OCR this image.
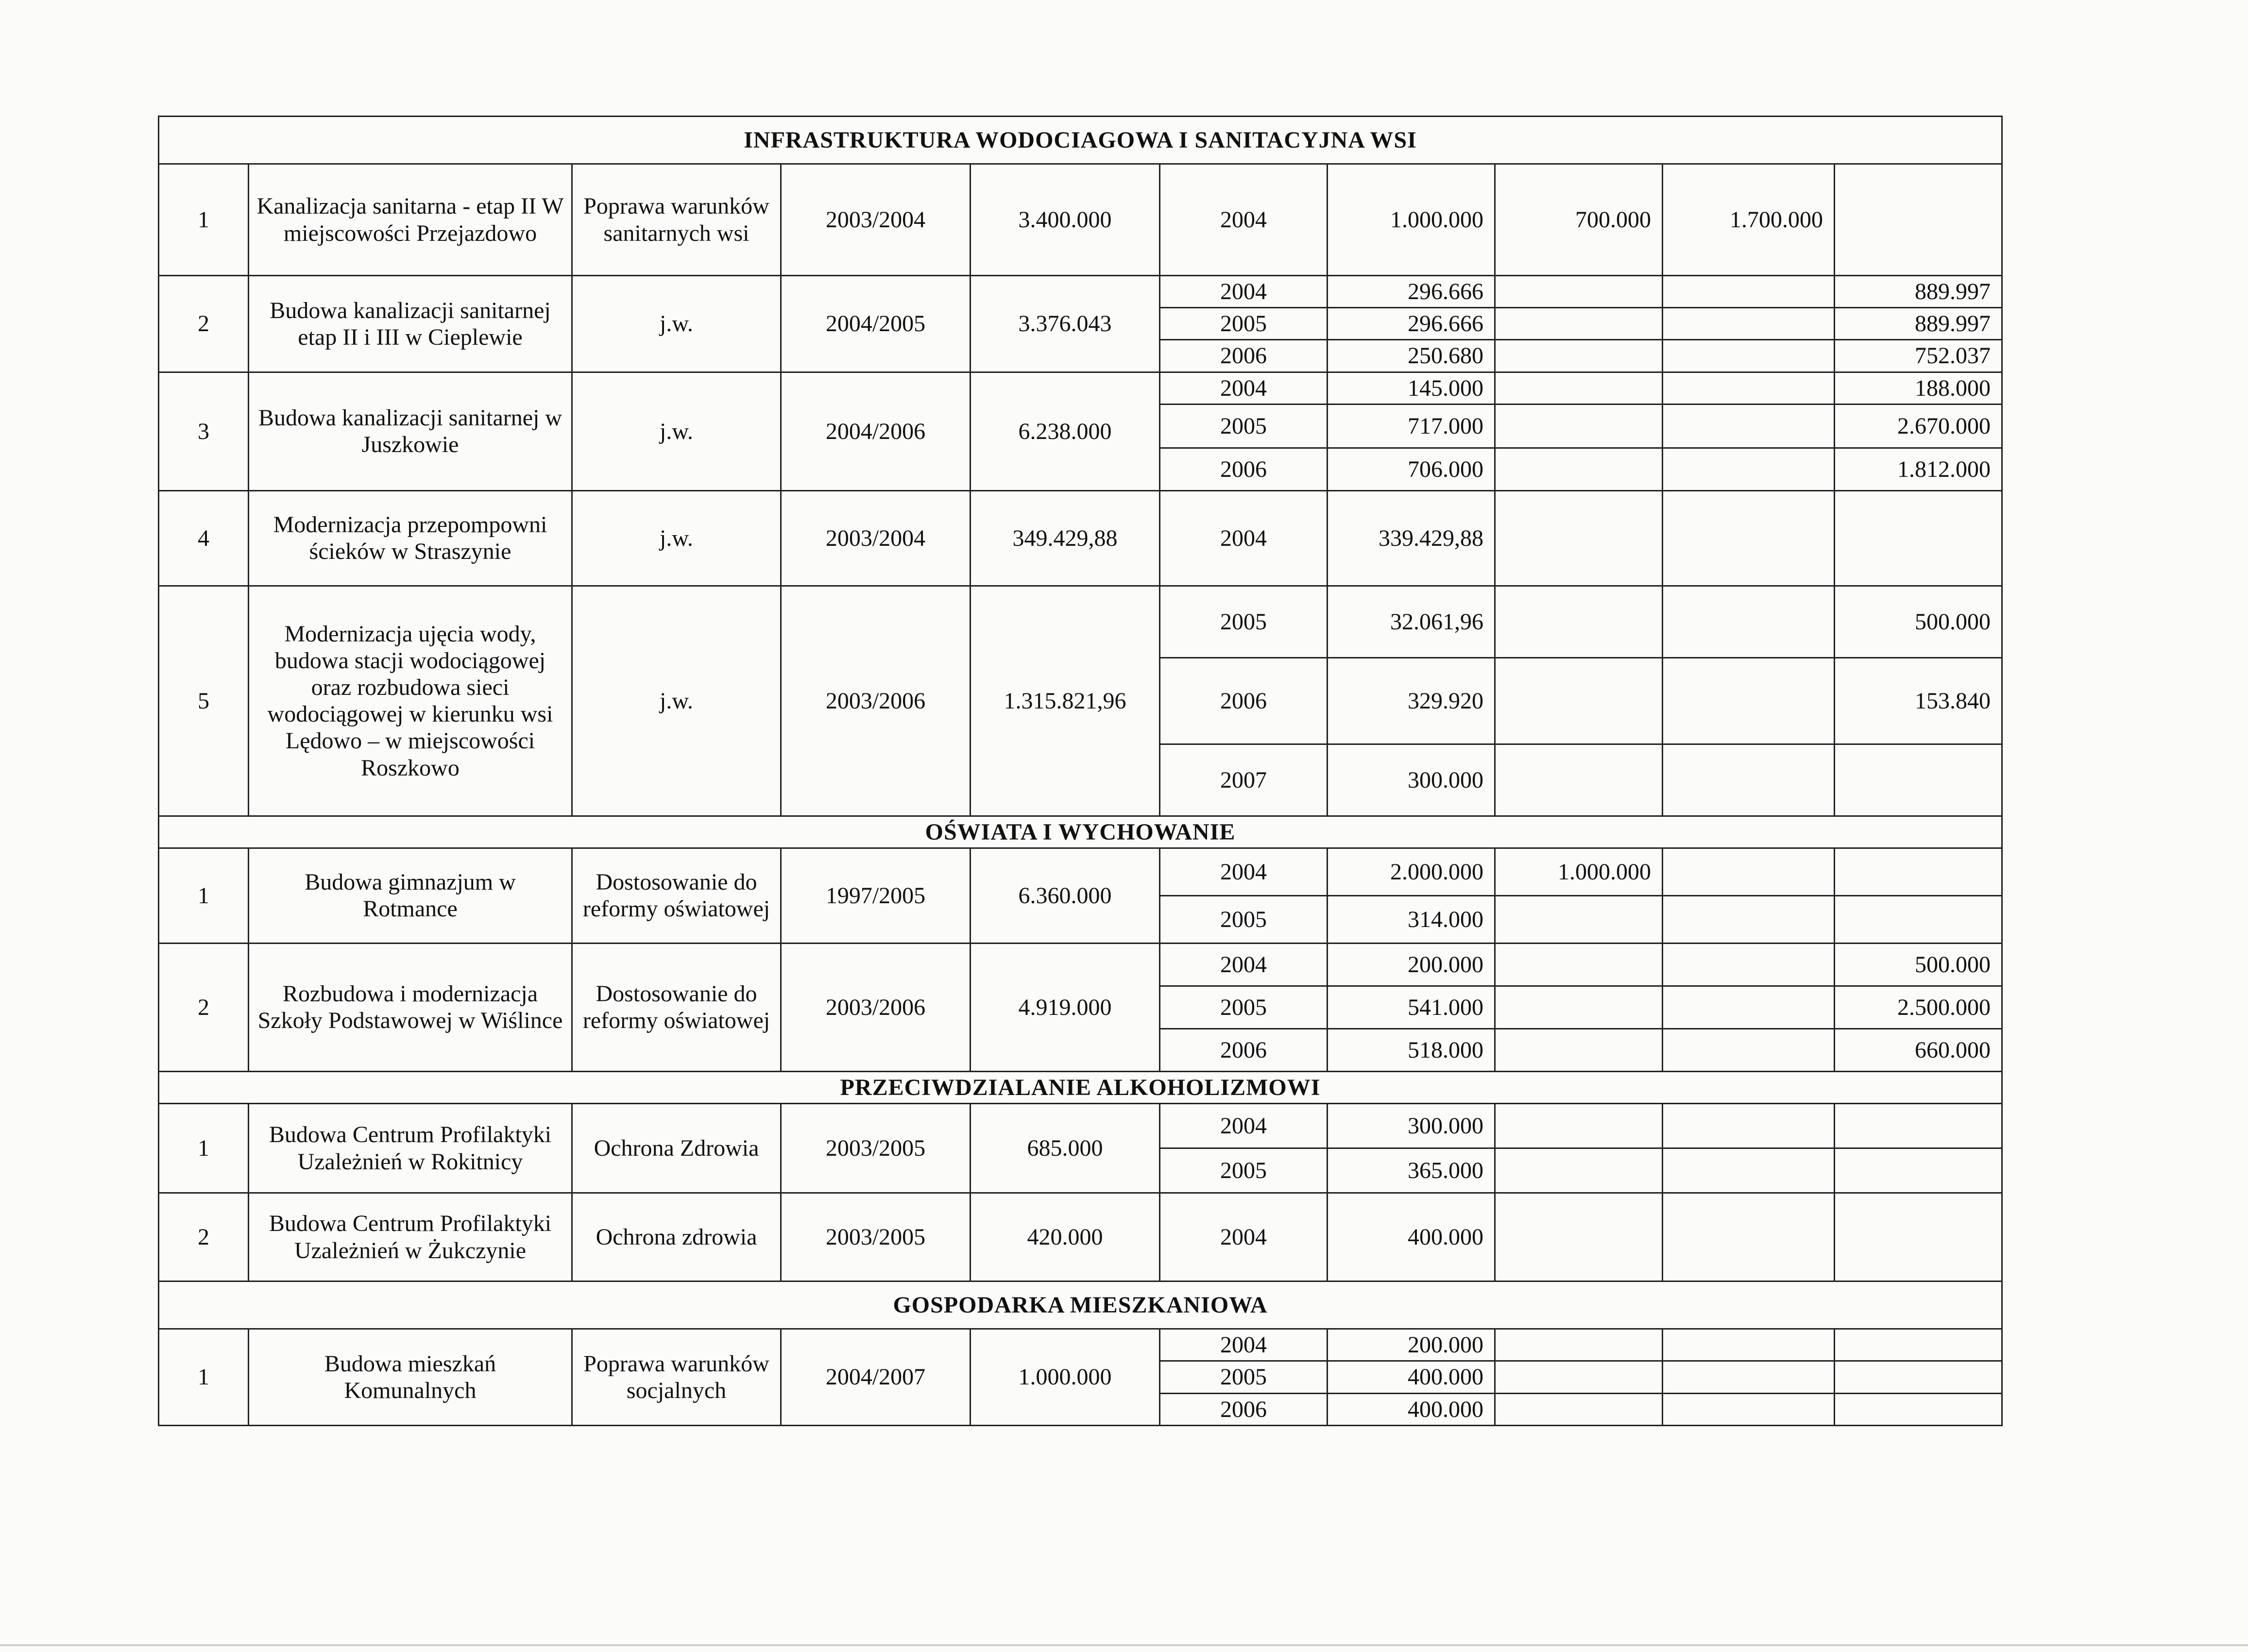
INFRASTRUKTURA WODOCIAGOWA I SANITACYJNA WSI									
1	Kanalizacja sanitarna - etap II W miejscowości Przejazdowo	Poprawa warunków sanitarnych wsi	2003/2004	3.400.000	2004	1.000.000	700.000	1.700.000	
2	Budowa kanalizacji sanitarnej etap II i III w Cieplewie	j.w.	2004/2005	3.376.043	2004	296.666			889.997
					2005	296.666			889.997
					2006	250.680			752.037
3	Budowa kanalizacji sanitarnej w Juszkowie	j.w.	2004/2006	6.238.000	2004	145.000			188.000
					2005	717.000			2.670.000
					2006	706.000			1.812.000
4	Modernizacja przepompowni ścieków w Straszynie	j.w.	2003/2004	349.429,88	2004	339.429,88			
5	Modernizacja ujęcia wody, budowa stacji wodociągowej oraz rozbudowa sieci wodociągowej w kierunku wsi Lędowo – w miejscowości Roszkowo	j.w.	2003/2006	1.315.821,96	2005	32.061,96			500.000
					2006	329.920			153.840
					2007	300.000			
OŚWIATA I WYCHOWANIE									
1	Budowa gimnazjum w Rotmance	Dostosowanie do reformy oświatowej	1997/2005	6.360.000	2004	2.000.000	1.000.000		
					2005	314.000			
2	Rozbudowa i modernizacja Szkoły Podstawowej w Wiślince	Dostosowanie do reformy oświatowej	2003/2006	4.919.000	2004	200.000			500.000
					2005	541.000			2.500.000
					2006	518.000			660.000
PRZECIWDZIALANIE ALKOHOLIZMOWI									
1	Budowa Centrum Profilaktyki Uzależnień w Rokitnicy	Ochrona Zdrowia	2003/2005	685.000	2004	300.000			
					2005	365.000			
2	Budowa Centrum Profilaktyki Uzależnień w Żukczynie	Ochrona zdrowia	2003/2005	420.000	2004	400.000			
GOSPODARKA MIESZKANIOWA									
1	Budowa mieszkań Komunalnych	Poprawa warunków socjalnych	2004/2007	1.000.000	2004	200.000			
					2005	400.000			
					2006	400.000			
